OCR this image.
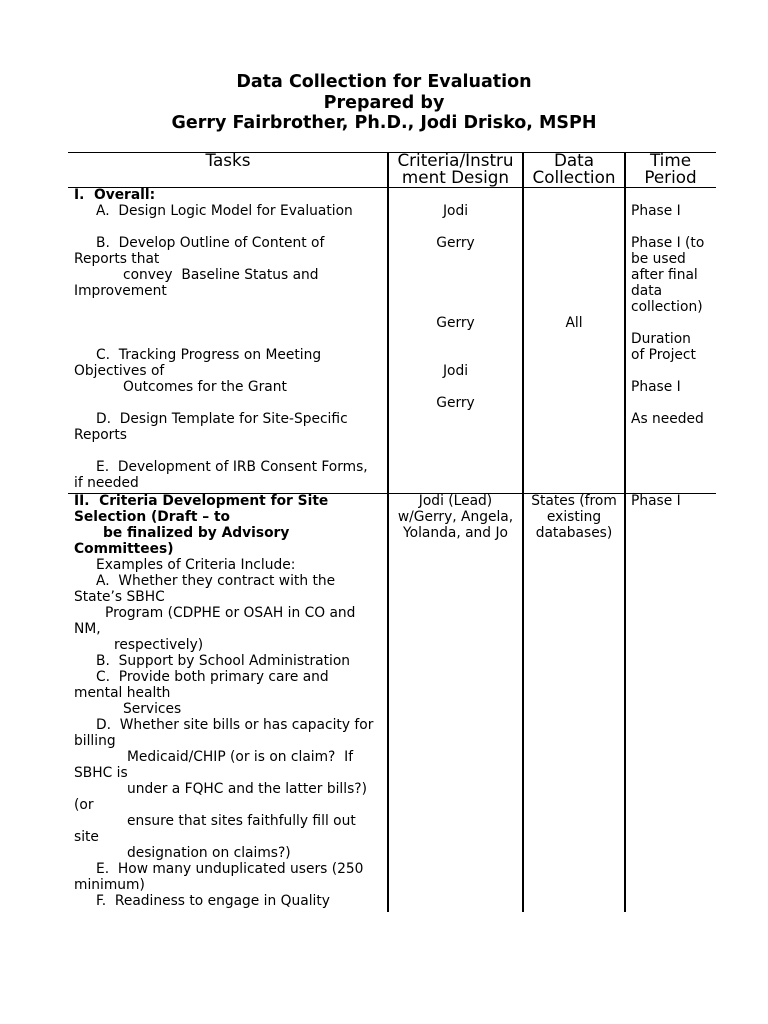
Data Collection for Evaluation
Prepared by
Gerry Fairbrother, Ph.D., Jodi Drisko, MSPH
Tasks	Criteria/Instru
ment Design
Data
Collection
Time
Period
I.  Overall:
A.  Design Logic Model for Evaluation
B.  Develop Outline of Content of
Reports that
convey  Baseline Status and
Improvement
C.  Tracking Progress on Meeting
Objectives of
Outcomes for the Grant
D.  Design Template for Site-Specific
Reports
E.  Development of IRB Consent Forms,
if needed
Jodi
Gerry
Gerry
Jodi
Gerry
All
Phase I
Phase I (to
be used
after final
data
collection)
Duration
of Project
Phase I
As needed
II.  Criteria Development for Site
Selection (Draft – to
be finalized by Advisory
Committees)
Examples of Criteria Include:
A.  Whether they contract with the
State’s SBHC
Program (CDPHE or OSAH in CO and
NM,
respectively)
B.  Support by School Administration
C.  Provide both primary care and
mental health
Services
D.  Whether site bills or has capacity for
billing
Medicaid/CHIP (or is on claim?  If
SBHC is
under a FQHC and the latter bills?)
(or
ensure that sites faithfully fill out
site
designation on claims?)
E.  How many unduplicated users (250
minimum)
F.  Readiness to engage in Quality
Jodi (Lead)
w/Gerry, Angela,
Yolanda, and Jo
States (from
existing
databases)
Phase I
